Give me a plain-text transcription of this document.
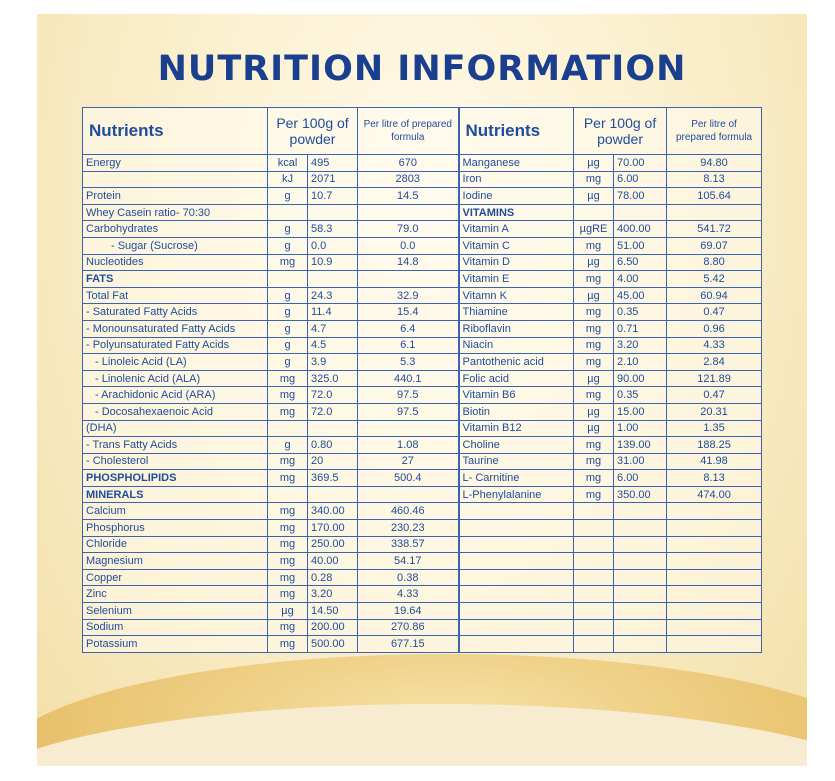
NUTRITION INFORMATION
Nutrients	Per 100g of powder		Per litre of prepared formula	Nutrients	Per 100g of powder		Per litre of prepared formula
Energy	kcal	495	670	Manganese	µg	70.00	94.80
	kJ	2071	2803	Iron	mg	6.00	8.13
Protein	g	10.7	14.5	Iodine	µg	78.00	105.64
Whey Casein ratio- 70:30				VITAMINS			
Carbohydrates	g	58.3	79.0	Vitamin A	µgRE	400.00	541.72
- Sugar (Sucrose)	g	0.0	0.0	Vitamin C	mg	51.00	69.07
Nucleotides	mg	10.9	14.8	Vitamin D	µg	6.50	8.80
FATS				Vitamin E	mg	4.00	5.42
Total Fat	g	24.3	32.9	Vitamn K	µg	45.00	60.94
- Saturated Fatty Acids	g	11.4	15.4	Thiamine	mg	0.35	0.47
- Monounsaturated Fatty Acids	g	4.7	6.4	Riboflavin	mg	0.71	0.96
- Polyunsaturated Fatty Acids	g	4.5	6.1	Niacin	mg	3.20	4.33
- Linoleic Acid (LA)	g	3.9	5.3	Pantothenic acid	mg	2.10	2.84
- Linolenic Acid (ALA)	mg	325.0	440.1	Folic acid	µg	90.00	121.89
- Arachidonic Acid (ARA)	mg	72.0	97.5	Vitamin B6	mg	0.35	0.47
- Docosahexaenoic Acid	mg	72.0	97.5	Biotin	µg	15.00	20.31
(DHA)				Vitamin B12	µg	1.00	1.35
- Trans Fatty Acids	g	0.80	1.08	Choline	mg	139.00	188.25
- Cholesterol	mg	20	27	Taurine	mg	31.00	41.98
PHOSPHOLIPIDS	mg	369.5	500.4	L- Carnitine	mg	6.00	8.13
MINERALS				L-Phenylalanine	mg	350.00	474.00
Calcium	mg	340.00	460.46				
Phosphorus	mg	170.00	230.23				
Chloride	mg	250.00	338.57				
Magnesium	mg	40.00	54.17				
Copper	mg	0.28	0.38				
Zinc	mg	3.20	4.33				
Selenium	µg	14.50	19.64				
Sodium	mg	200.00	270.86				
Potassium	mg	500.00	677.15				
